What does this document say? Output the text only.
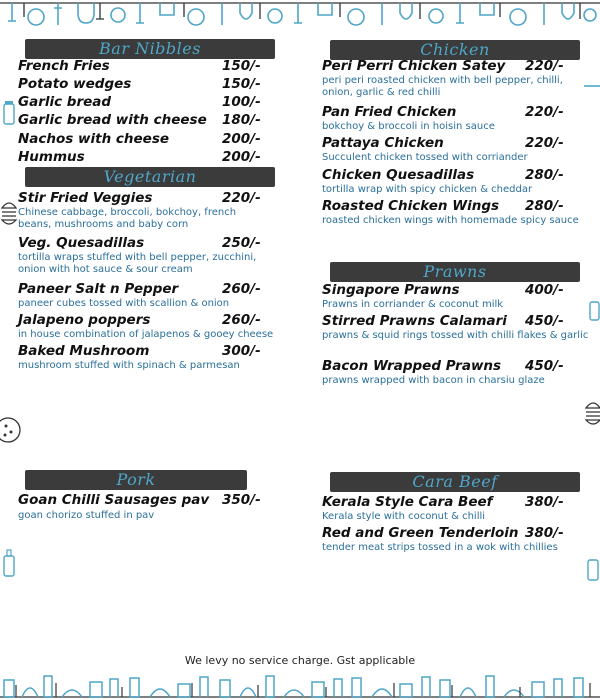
Bar Nibbles
French Fries	150/-
Potato wedges	150/-
Garlic bread	100/-
Garlic bread with cheese 180/-
Nachos with cheese	200/-
Hummus	200/-
Vegetarian
Stir Fried Veggies	220/-
Chinese cabbage, broccoli, bokchoy, french beans, mushrooms and baby corn
Veg. Quesadillas	250/-
tortilla wraps stuffed with bell pepper, zucchini, onion with hot sauce & sour cream
Paneer Salt n Pepper	260/-
paneer cubes tossed with scallion & onion
Jalapeno poppers	260/-
in house combination of jalapenos & gooey cheese
Baked Mushroom	300/-
mushroom stuffed with spinach & parmesan
Pork
Goan Chilli Sausages pav 350/-
goan chorizo stuffed in pav
Chicken
Peri Perri Chicken Satey 220/-
peri peri roasted chicken with bell pepper, chilli, onion, garlic & red chilli
Pan Fried Chicken	220/-
bokchoy & broccoli in hoisin sauce
Pattaya Chicken	220/-
Succulent chicken tossed with corriander
Chicken Quesadillas	280/-
tortilla wrap with spicy chicken & cheddar
Roasted Chicken Wings 280/-
roasted chicken wings with homemade spicy sauce
Prawns
Singapore Prawns	400/-
Prawns in corriander & coconut milk
Stirred Prawns Calamari 450/-
prawns & squid rings tossed with chilli flakes & garlic
Bacon Wrapped Prawns 450/-
prawns wrapped with bacon in charsiu glaze
Cara Beef
Kerala Style Cara Beef 380/-
Kerala style with coconut & chilli
Red and Green Tenderloin 380/-
tender meat strips tossed in a wok with chillies
We levy no service charge. Gst applicable
